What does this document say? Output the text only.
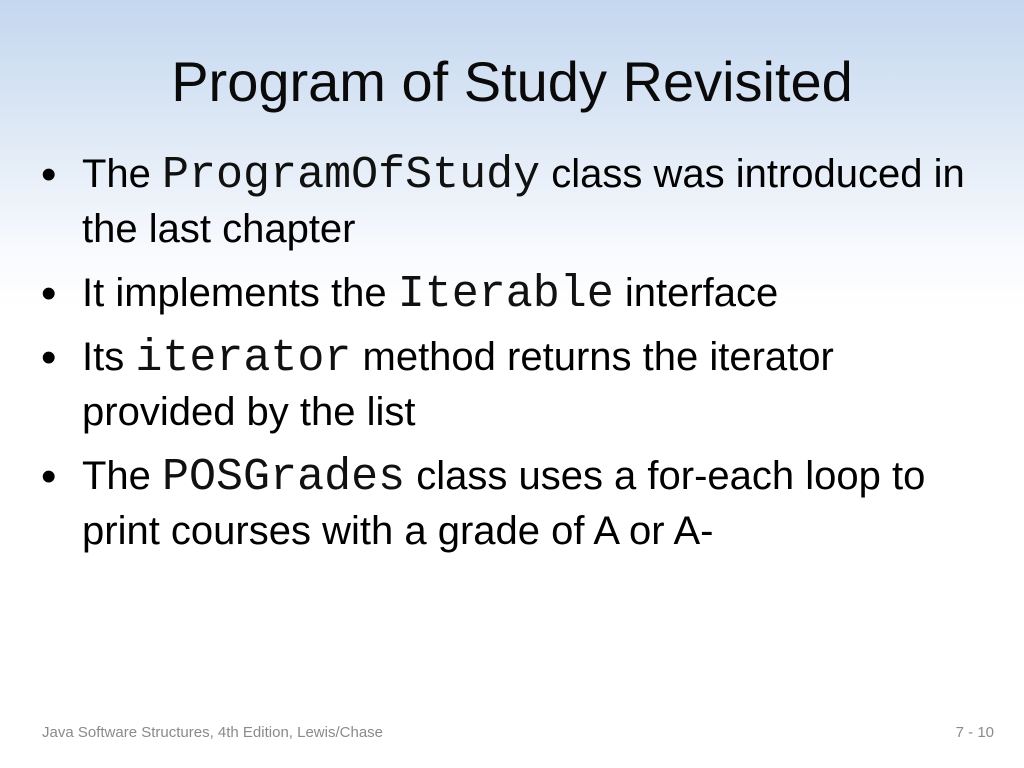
Program of Study Revisited
• The ProgramOfStudy class was introduced in
the last chapter
• It implements the Iterable interface
• Its iterator method returns the iterator
provided by the list
• The POSGrades class uses a for-each loop to
print courses with a grade of A or A-
Java Software Structures, 4th Edition, Lewis/Chase	7 - 10
